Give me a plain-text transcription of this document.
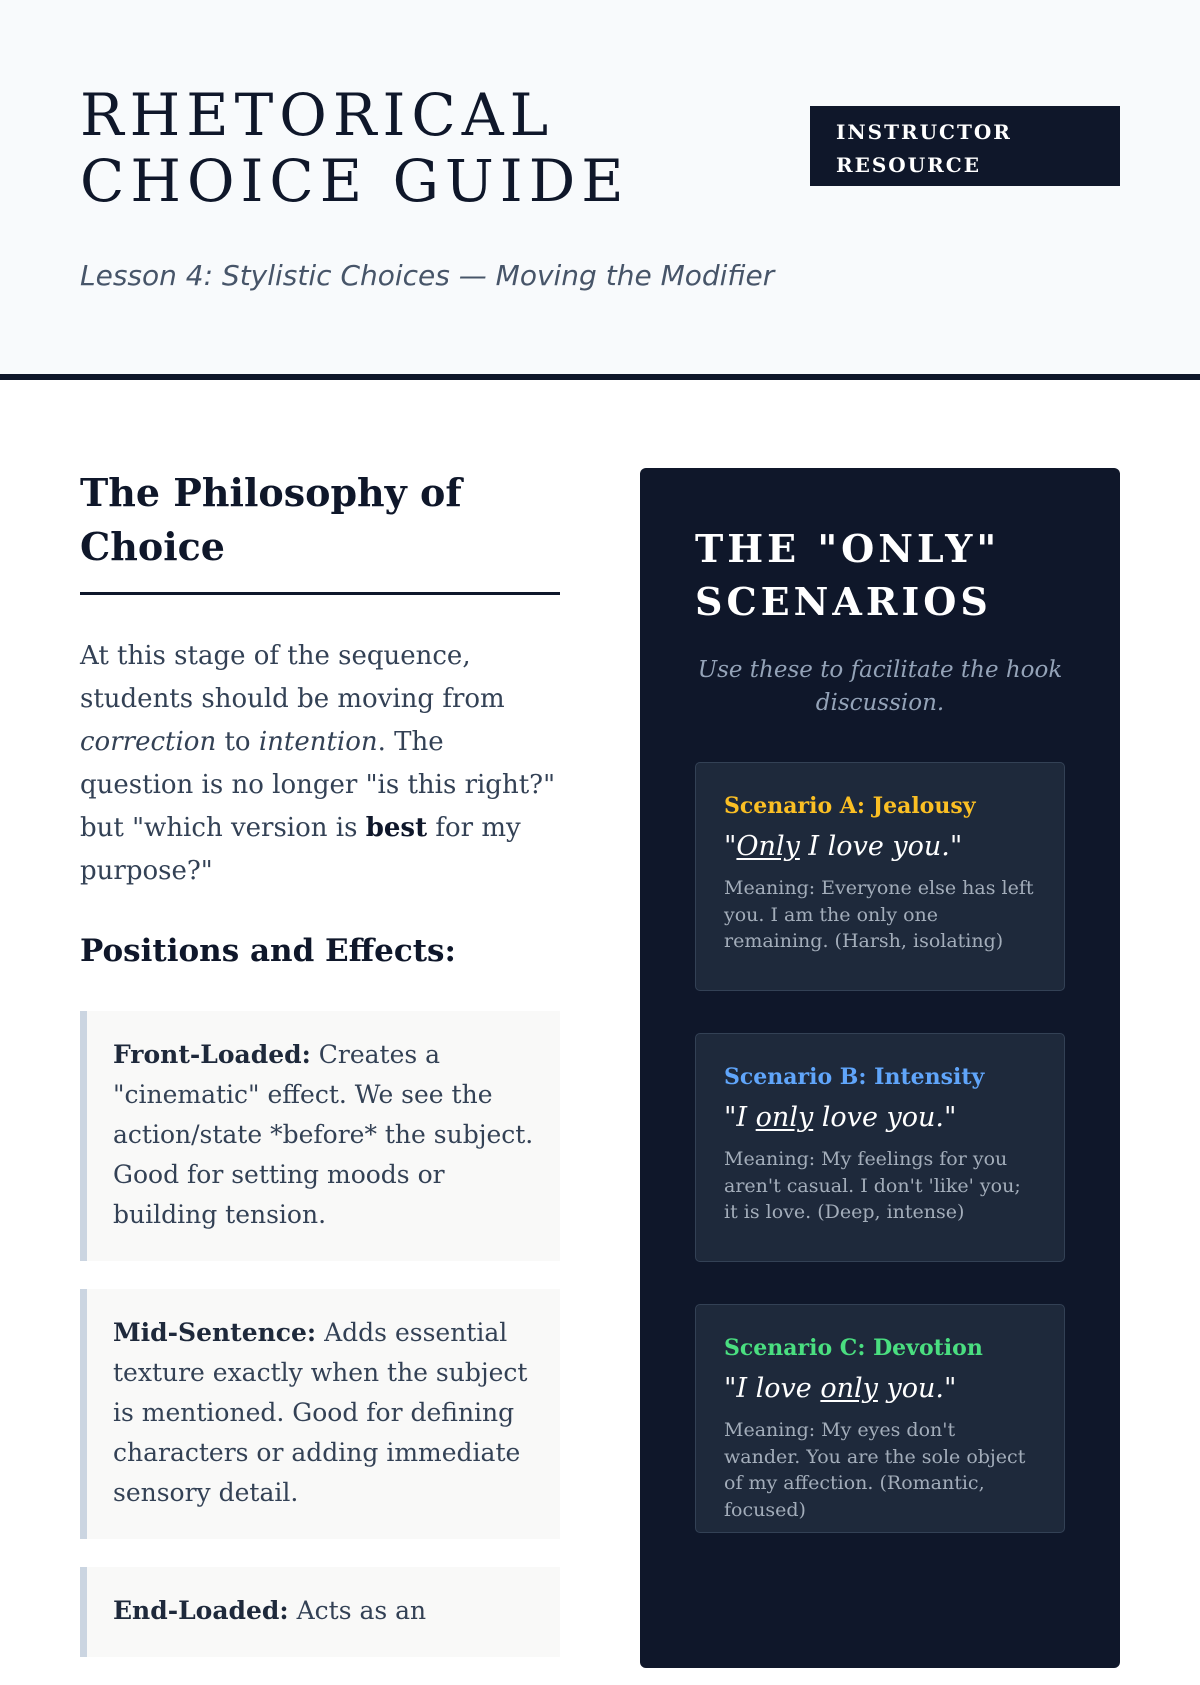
RHETORICAL CHOICE GUIDE
INSTRUCTOR RESOURCE

Lesson 4: Stylistic Choices — Moving the Modifier

The Philosophy of Choice

At this stage of the sequence, students should be moving from correction to intention. The question is no longer "is this right?" but "which version is best for my purpose?"

Positions and Effects:
Front-Loaded: Creates a "cinematic" effect. We see the action/state *before* the subject. Good for setting moods or building tension.
Mid-Sentence: Adds essential texture exactly when the subject is mentioned. Good for defining characters or adding immediate sensory detail.
End-Loaded: Acts as an
THE "ONLY" SCENARIOS

Use these to facilitate the hook discussion.

Scenario A: Jealousy
"Only I love you."
Meaning: Everyone else has left you. I am the only one remaining. (Harsh, isolating)
Scenario B: Intensity
"I only love you."
Meaning: My feelings for you aren't casual. I don't 'like' you; it is love. (Deep, intense)
Scenario C: Devotion
"I love only you."
Meaning: My eyes don't wander. You are the sole object of my affection. (Romantic, focused)
